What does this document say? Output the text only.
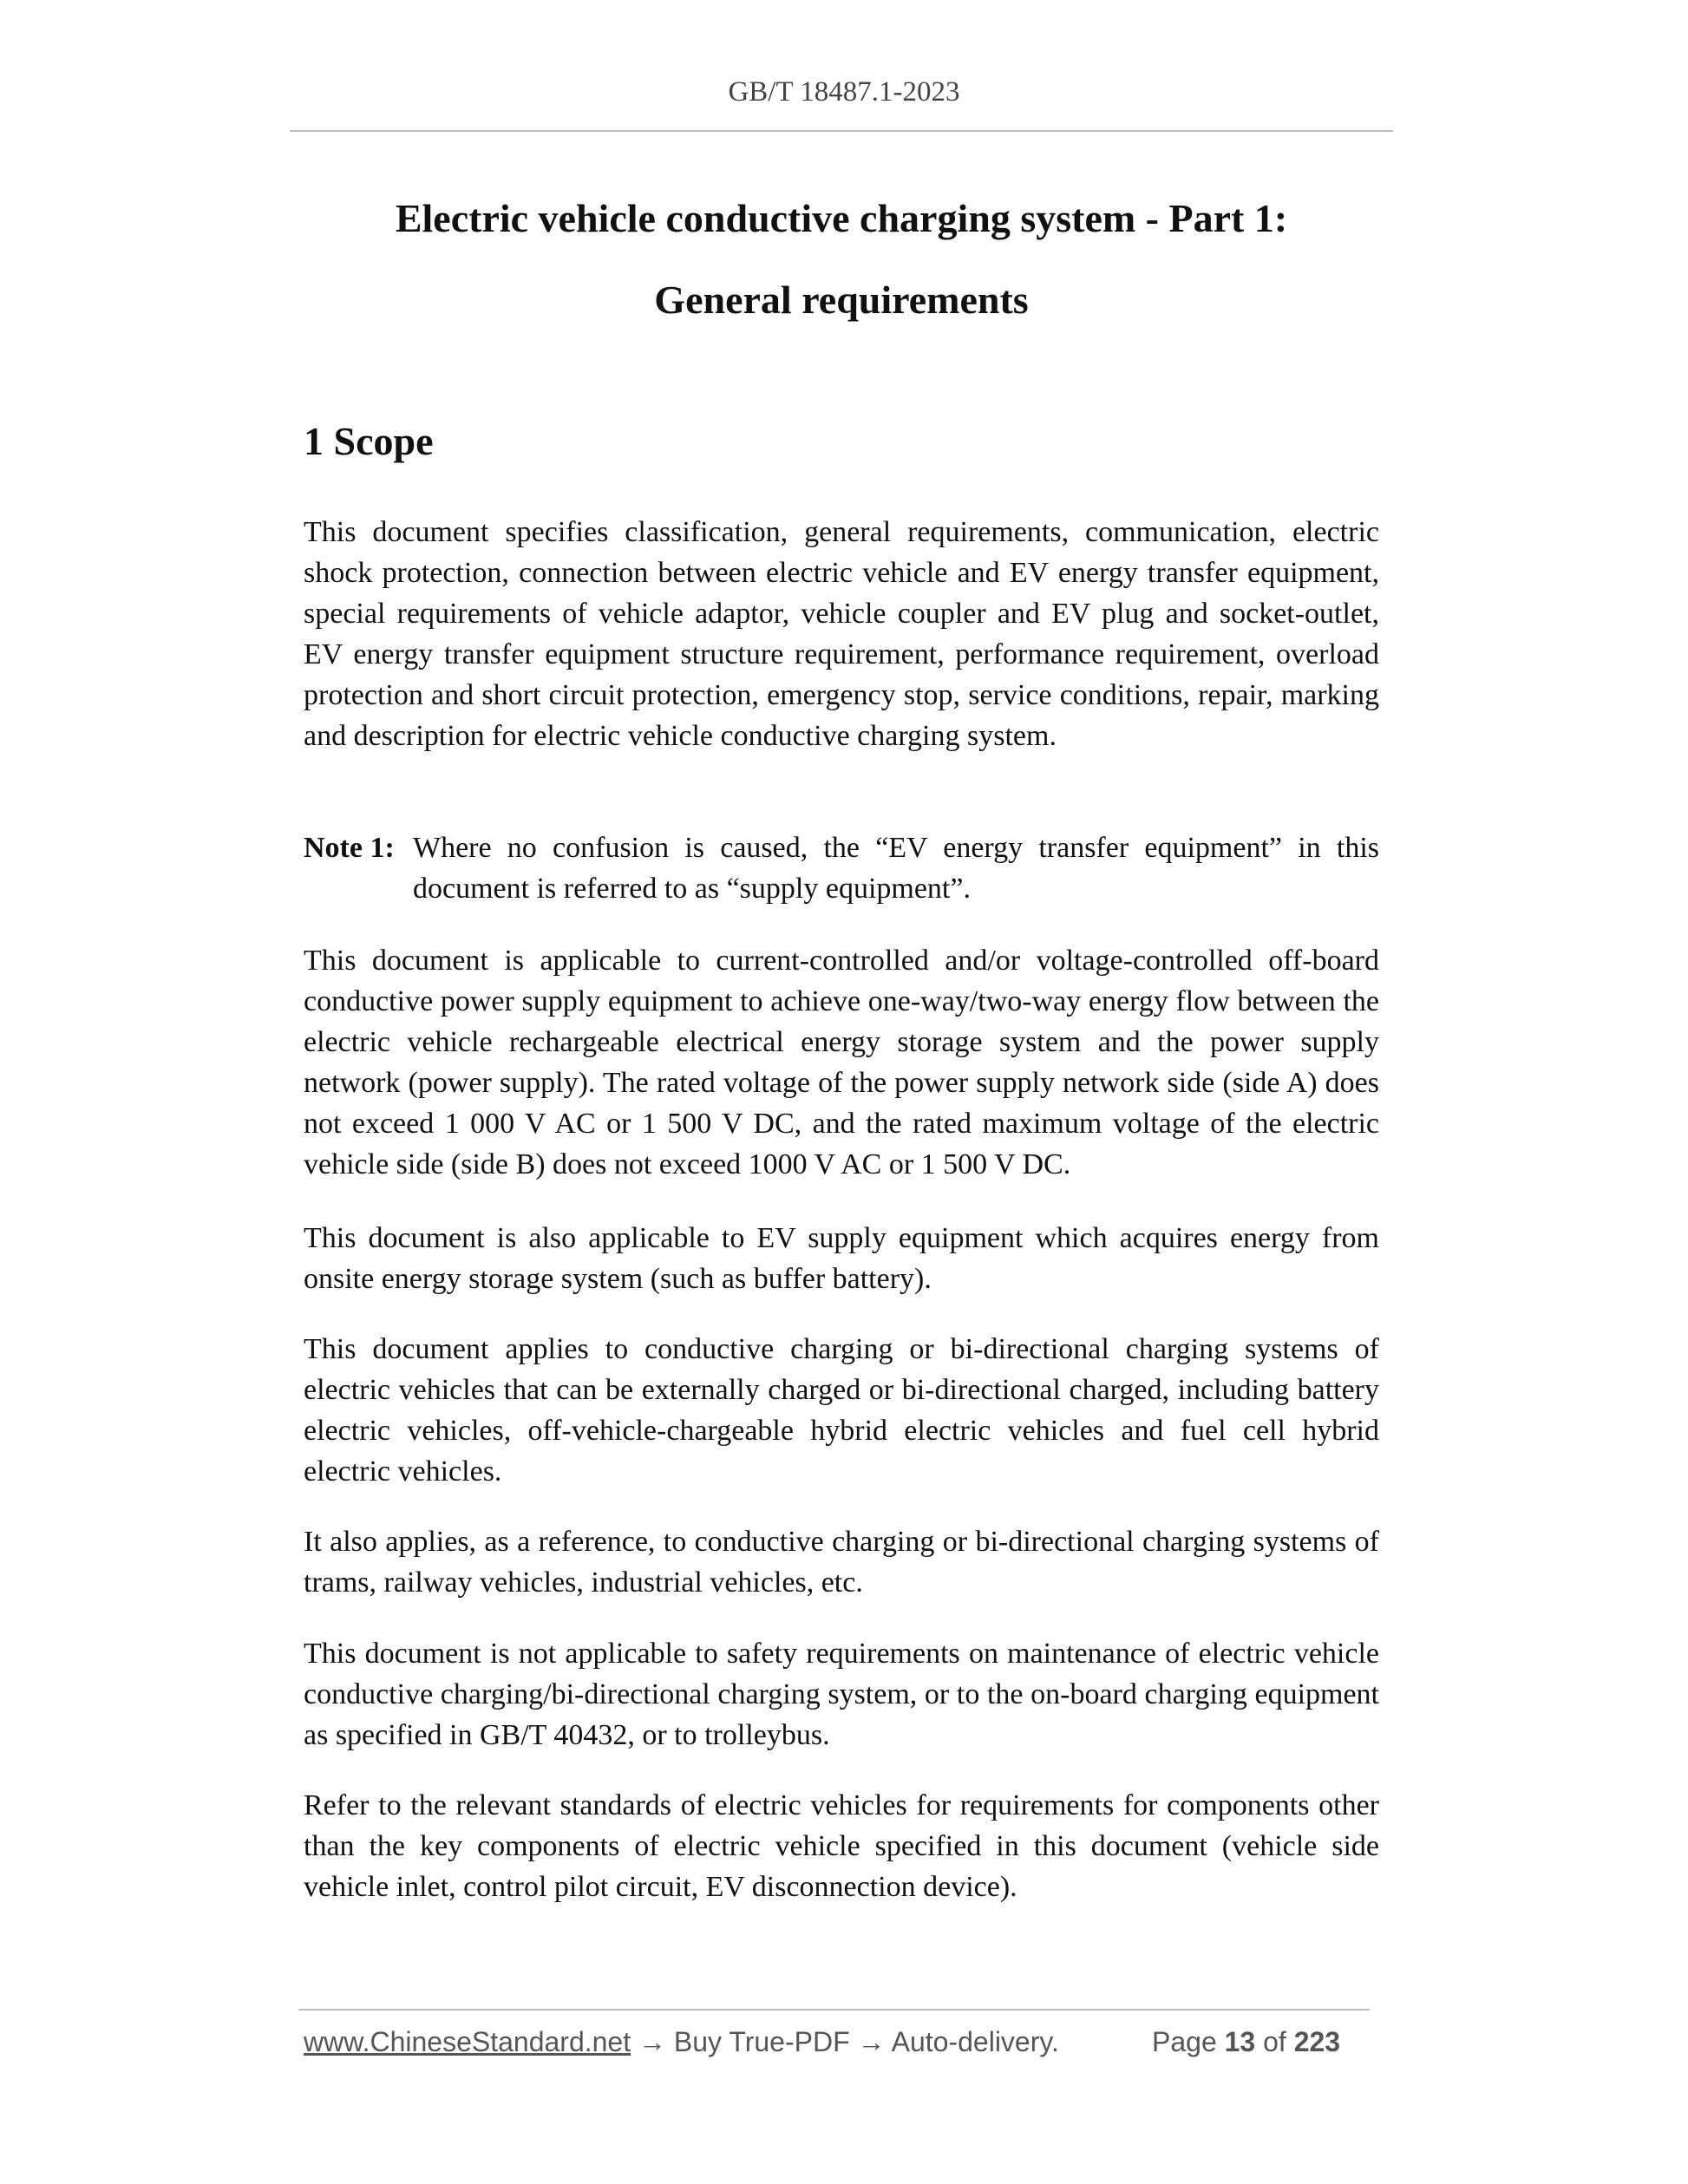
GB/T 18487.1-2023
Electric vehicle conductive charging system - Part 1:
General requirements
1 Scope

This document specifies classification, general requirements, communication, electric shock protection, connection between electric vehicle and EV energy transfer equipment, special requirements of vehicle adaptor, vehicle coupler and EV plug and socket-outlet, EV energy transfer equipment structure requirement, performance requirement, overload protection and short circuit protection, emergency stop, service conditions, repair, marking and description for electric vehicle conductive charging system.

Note 1: Where no confusion is caused, the “EV energy transfer equipment” in this document is referred to as “supply equipment”.

This document is applicable to current-controlled and/or voltage-controlled off-board conductive power supply equipment to achieve one-way/two-way energy flow between the electric vehicle rechargeable electrical energy storage system and the power supply network (power supply). The rated voltage of the power supply network side (side A) does not exceed 1 000 V AC or 1 500 V DC, and the rated maximum voltage of the electric vehicle side (side B) does not exceed 1000 V AC or 1 500 V DC.

This document is also applicable to EV supply equipment which acquires energy from onsite energy storage system (such as buffer battery).

This document applies to conductive charging or bi-directional charging systems of electric vehicles that can be externally charged or bi-directional charged, including battery electric vehicles, off-vehicle-chargeable hybrid electric vehicles and fuel cell hybrid electric vehicles.

It also applies, as a reference, to conductive charging or bi-directional charging systems of trams, railway vehicles, industrial vehicles, etc.

This document is not applicable to safety requirements on maintenance of electric vehicle conductive charging/bi-directional charging system, or to the on-board charging equipment as specified in GB/T 40432, or to trolleybus.

Refer to the relevant standards of electric vehicles for requirements for components other than the key components of electric vehicle specified in this document (vehicle side vehicle inlet, control pilot circuit, EV disconnection device).

www.ChineseStandard.net → Buy True-PDF → Auto-delivery.	Page 13 of 223
